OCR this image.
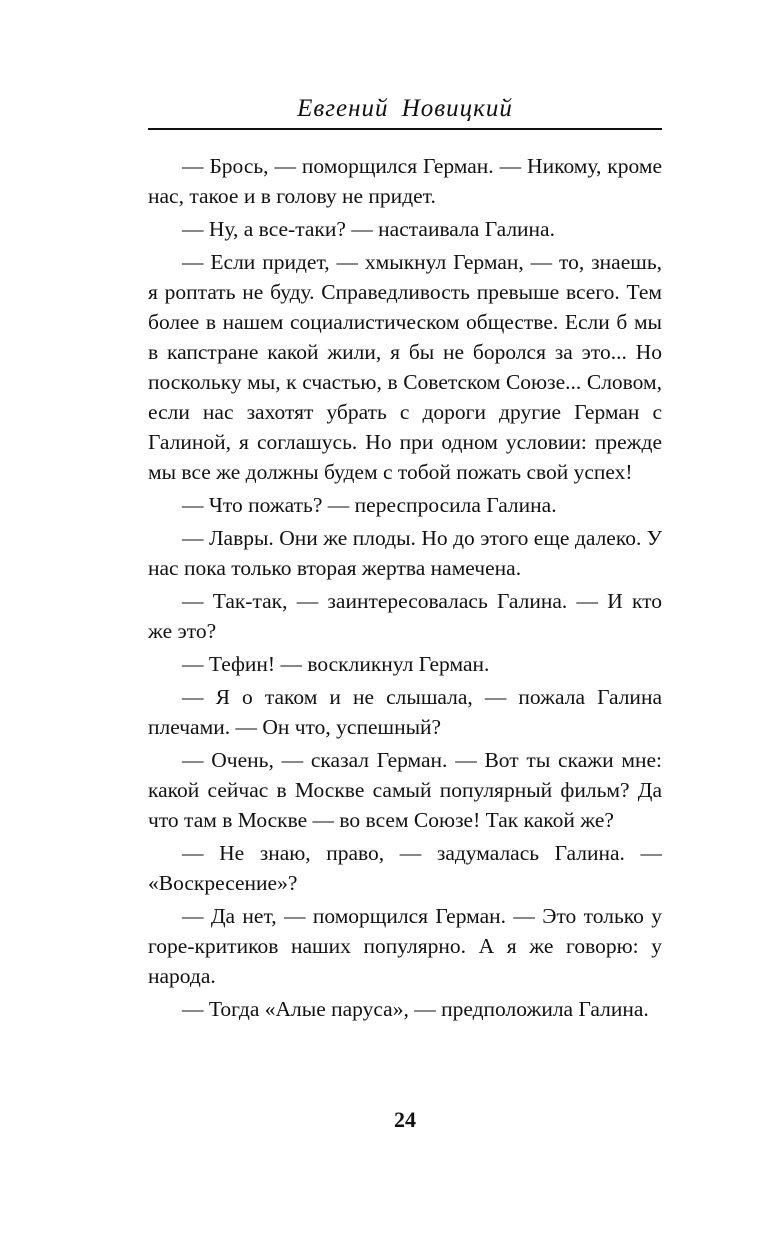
Евгений Новицкий

— Брось, — поморщился Герман. — Никому, кроме нас, такое и в голову не придет.

— Ну, а все-таки? — настаивала Галина.

— Если придет, — хмыкнул Герман, — то, знаешь, я роптать не буду. Справедливость превыше всего. Тем более в нашем социалистическом обществе. Если б мы в капстране какой жили, я бы не боролся за это... Но поскольку мы, к счастью, в Советском Союзе... Словом, если нас захотят убрать с дороги другие Герман с Галиной, я соглашусь. Но при одном условии: прежде мы все же должны будем с тобой пожать свой успех!

— Что пожать? — переспросила Галина.

— Лавры. Они же плоды. Но до этого еще далеко. У нас пока только вторая жертва намечена.

— Так-так, — заинтересовалась Галина. — И кто же это?

— Тефин! — воскликнул Герман.

— Я о таком и не слышала, — пожала Галина плечами. — Он что, успешный?

— Очень, — сказал Герман. — Вот ты скажи мне: какой сейчас в Москве самый популярный фильм? Да что там в Москве — во всем Союзе! Так какой же?

— Не знаю, право, — задумалась Галина. — «Воскресение»?

— Да нет, — поморщился Герман. — Это только у горе-критиков наших популярно. А я же говорю: у народа.

— Тогда «Алые паруса», — предположила Галина.

24
